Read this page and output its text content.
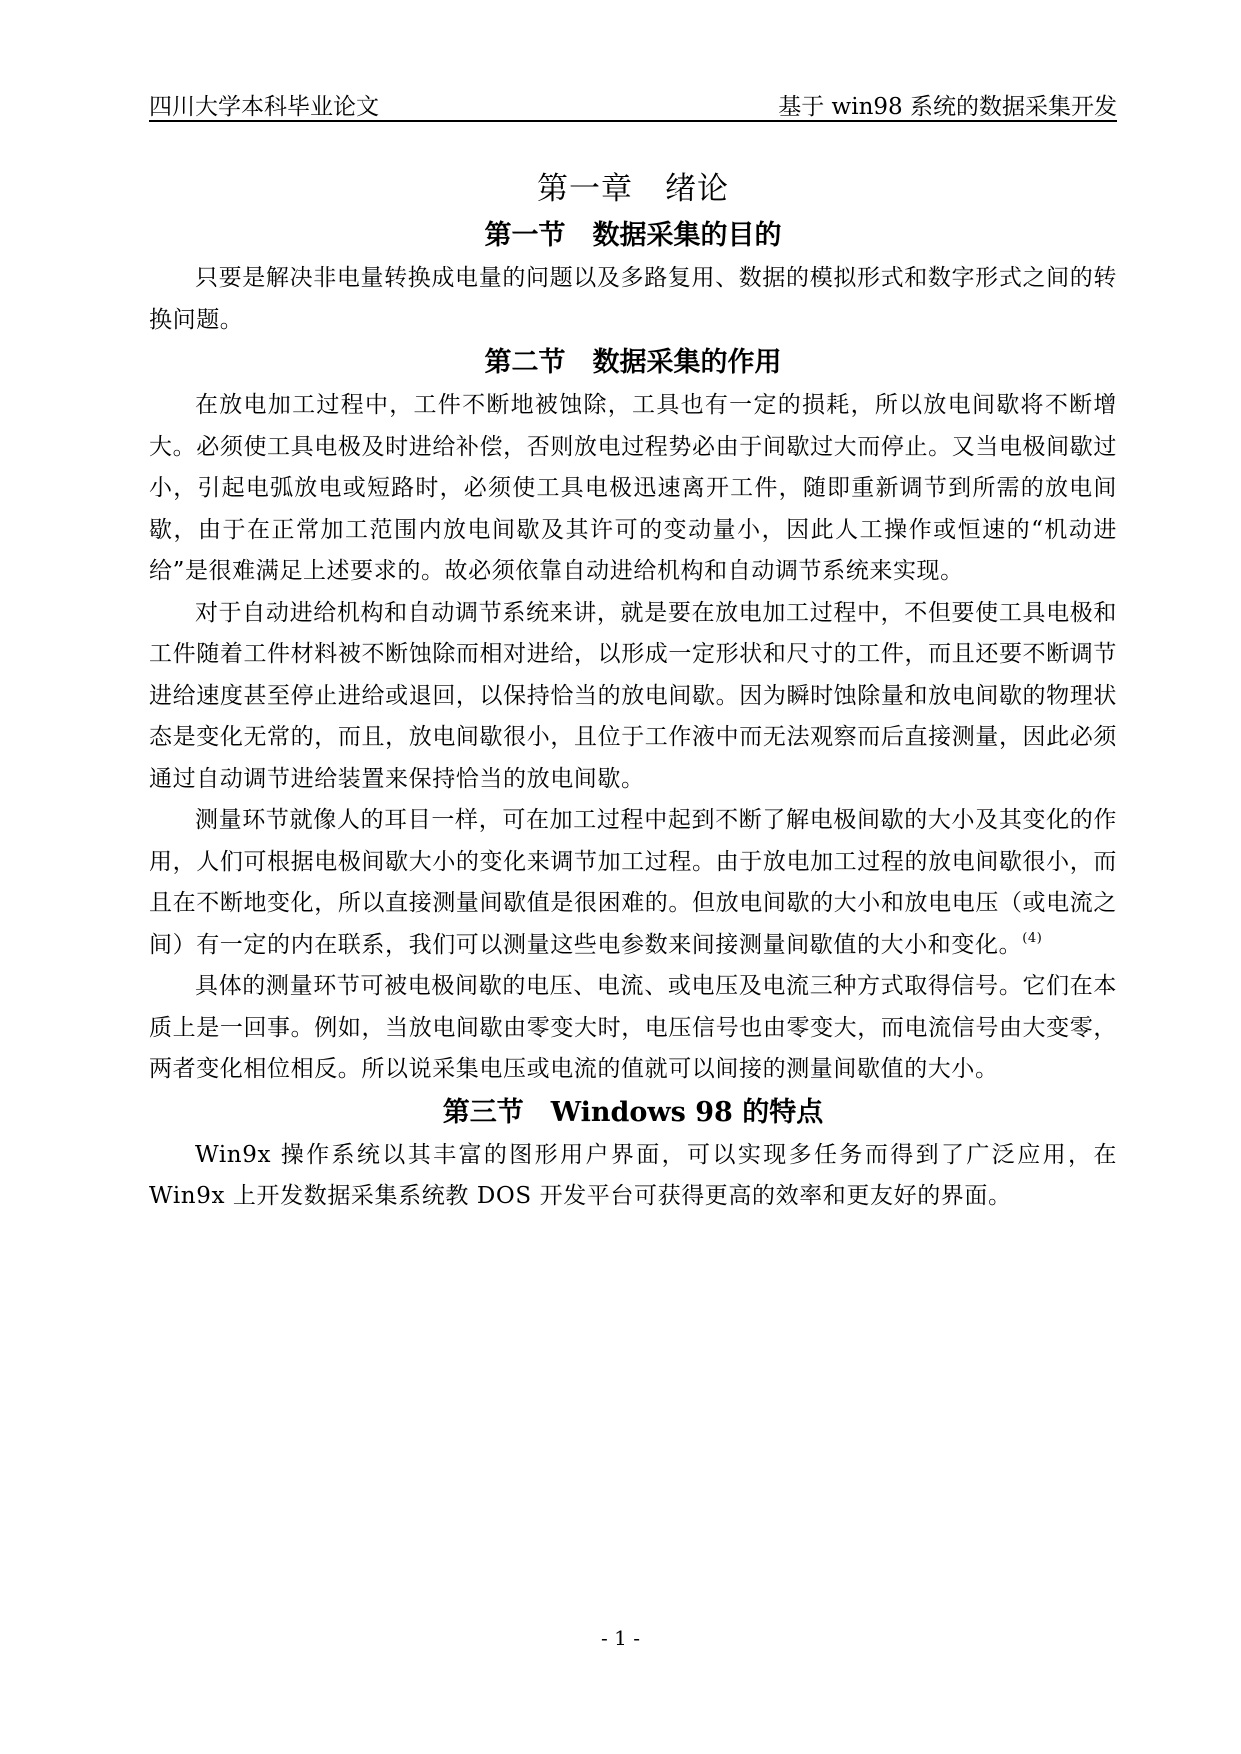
四川大学本科毕业论文	基于 win98 系统的数据采集开发
第一章　绪论
第一节　数据采集的目的

只要是解决非电量转换成电量的问题以及多路复用、数据的模拟形式和数字形式之间的转换问题。

第二节　数据采集的作用

在放电加工过程中，工件不断地被蚀除，工具也有一定的损耗，所以放电间歇将不断增大。必须使工具电极及时进给补偿，否则放电过程势必由于间歇过大而停止。又当电极间歇过小，引起电弧放电或短路时，必须使工具电极迅速离开工件，随即重新调节到所需的放电间歇，由于在正常加工范围内放电间歇及其许可的变动量小，因此人工操作或恒速的“机动进给”是很难满足上述要求的。故必须依靠自动进给机构和自动调节系统来实现。

对于自动进给机构和自动调节系统来讲，就是要在放电加工过程中，不但要使工具电极和工件随着工件材料被不断蚀除而相对进给，以形成一定形状和尺寸的工件，而且还要不断调节进给速度甚至停止进给或退回，以保持恰当的放电间歇。因为瞬时蚀除量和放电间歇的物理状态是变化无常的，而且，放电间歇很小，且位于工作液中而无法观察而后直接测量，因此必须通过自动调节进给装置来保持恰当的放电间歇。

测量环节就像人的耳目一样，可在加工过程中起到不断了解电极间歇的大小及其变化的作用，人们可根据电极间歇大小的变化来调节加工过程。由于放电加工过程的放电间歇很小，而且在不断地变化，所以直接测量间歇值是很困难的。但放电间歇的大小和放电电压（或电流之间）有一定的内在联系，我们可以测量这些电参数来间接测量间歇值的大小和变化。$^{(4)}$

具体的测量环节可被电极间歇的电压、电流、或电压及电流三种方式取得信号。它们在本质上是一回事。例如，当放电间歇由零变大时，电压信号也由零变大，而电流信号由大变零，两者变化相位相反。所以说采集电压或电流的值就可以间接的测量间歇值的大小。

第三节　Windows 98 的特点

Win9x 操作系统以其丰富的图形用户界面，可以实现多任务而得到了广泛应用，在 Win9x 上开发数据采集系统教 DOS 开发平台可获得更高的效率和更友好的界面。

- 1 -
